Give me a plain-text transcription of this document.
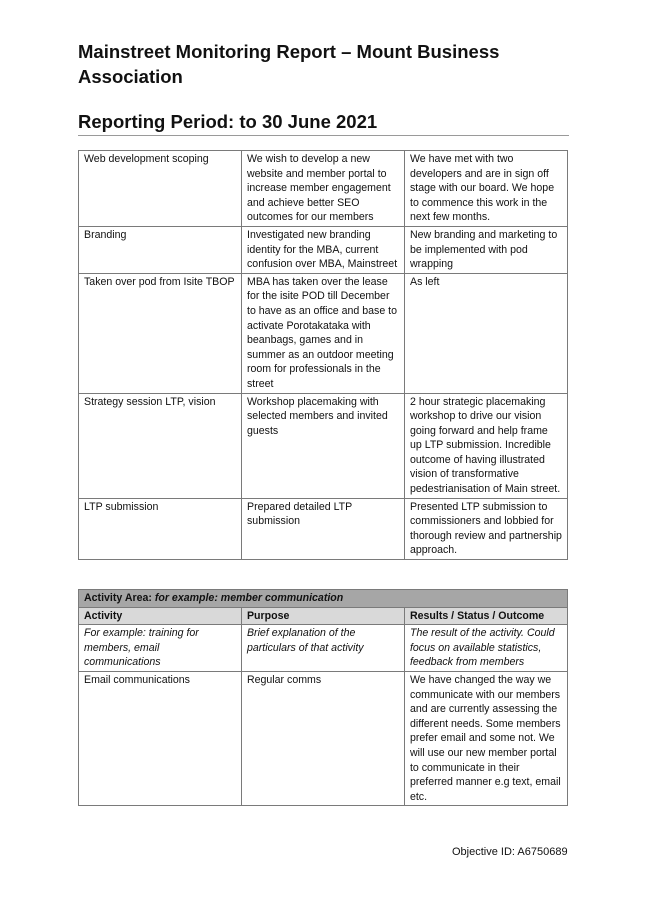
Mainstreet Monitoring Report – Mount Business Association
Reporting Period: to 30 June 2021
Web development scoping	We wish to develop a new website and member portal to increase member engagement and achieve better SEO outcomes for our members	We have met with two developers and are in sign off stage with our board. We hope to commence this work in the next few months.
Branding	Investigated new branding identity for the MBA, current confusion over MBA, Mainstreet	New branding and marketing to be implemented with pod wrapping
Taken over pod from Isite TBOP	MBA has taken over the lease for the isite POD till December to have as an office and base to activate Porotakataka with beanbags, games and in summer as an outdoor meeting room for professionals in the street	As left
Strategy session LTP, vision	Workshop placemaking with selected members and invited guests	2 hour strategic placemaking workshop to drive our vision going forward and help frame up LTP submission. Incredible outcome of having illustrated vision of transformative pedestrianisation of Main street.
LTP submission	Prepared detailed LTP submission	Presented LTP submission to commissioners and lobbied for thorough review and partnership approach.
Activity Area: for example: member communication		
Activity	Purpose	Results / Status / Outcome
For example: training for members, email communications	Brief explanation of the particulars of that activity	The result of the activity. Could focus on available statistics, feedback from members
Email communications	Regular comms	We have changed the way we communicate with our members and are currently assessing the different needs. Some members prefer email and some not. We will use our new member portal to communicate in their preferred manner e.g text, email etc.
Objective ID: A6750689
